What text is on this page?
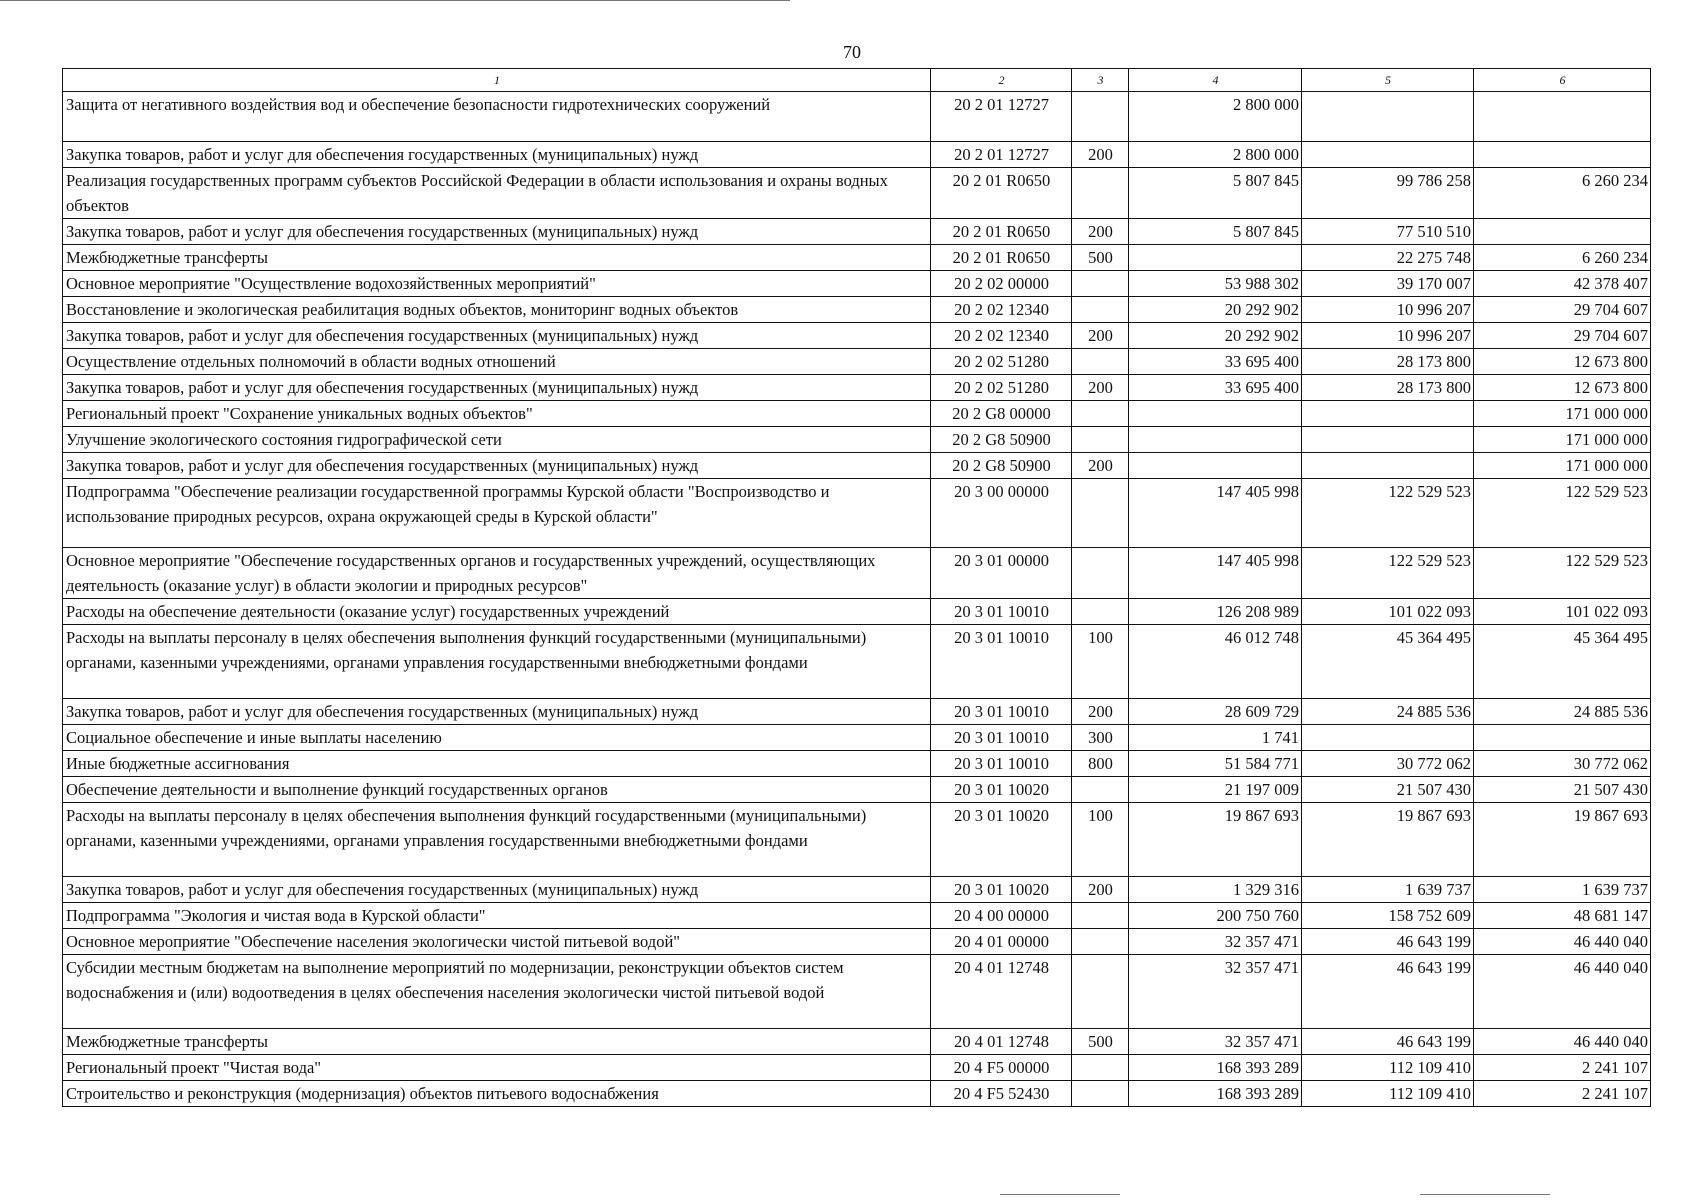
70
1	2	3	4	5	6
Защита от негативного воздействия вод и обеспечение безопасности гидротехнических сооружений	20 2 01 12727		2 800 000		
Закупка товаров, работ и услуг для обеспечения государственных (муниципальных) нужд	20 2 01 12727	200	2 800 000		
Реализация государственных программ субъектов Российской Федерации в области использования и охраны водных объектов	20 2 01 R0650		5 807 845	99 786 258	6 260 234
Закупка товаров, работ и услуг для обеспечения государственных (муниципальных) нужд	20 2 01 R0650	200	5 807 845	77 510 510	
Межбюджетные трансферты	20 2 01 R0650	500		22 275 748	6 260 234
Основное мероприятие "Осуществление водохозяйственных мероприятий"	20 2 02 00000		53 988 302	39 170 007	42 378 407
Восстановление и экологическая реабилитация водных объектов, мониторинг водных объектов	20 2 02 12340		20 292 902	10 996 207	29 704 607
Закупка товаров, работ и услуг для обеспечения государственных (муниципальных) нужд	20 2 02 12340	200	20 292 902	10 996 207	29 704 607
Осуществление отдельных полномочий в области водных отношений	20 2 02 51280		33 695 400	28 173 800	12 673 800
Закупка товаров, работ и услуг для обеспечения государственных (муниципальных) нужд	20 2 02 51280	200	33 695 400	28 173 800	12 673 800
Региональный проект "Сохранение уникальных водных объектов"	20 2 G8 00000				171 000 000
Улучшение экологического состояния гидрографической сети	20 2 G8 50900				171 000 000
Закупка товаров, работ и услуг для обеспечения государственных (муниципальных) нужд	20 2 G8 50900	200			171 000 000
Подпрограмма "Обеспечение реализации государственной программы Курской области "Воспроизводство и использование природных ресурсов, охрана окружающей среды в Курской области"	20 3 00 00000		147 405 998	122 529 523	122 529 523
Основное мероприятие "Обеспечение государственных органов и государственных учреждений, осуществляющих деятельность (оказание услуг) в области экологии и природных ресурсов"	20 3 01 00000		147 405 998	122 529 523	122 529 523
Расходы на обеспечение деятельности (оказание услуг) государственных учреждений	20 3 01 10010		126 208 989	101 022 093	101 022 093
Расходы на выплаты персоналу в целях обеспечения выполнения функций государственными (муниципальными) органами, казенными учреждениями, органами управления государственными внебюджетными фондами	20 3 01 10010	100	46 012 748	45 364 495	45 364 495
Закупка товаров, работ и услуг для обеспечения государственных (муниципальных) нужд	20 3 01 10010	200	28 609 729	24 885 536	24 885 536
Социальное обеспечение и иные выплаты населению	20 3 01 10010	300	1 741		
Иные бюджетные ассигнования	20 3 01 10010	800	51 584 771	30 772 062	30 772 062
Обеспечение деятельности и выполнение функций государственных органов	20 3 01 10020		21 197 009	21 507 430	21 507 430
Расходы на выплаты персоналу в целях обеспечения выполнения функций государственными (муниципальными) органами, казенными учреждениями, органами управления государственными внебюджетными фондами	20 3 01 10020	100	19 867 693	19 867 693	19 867 693
Закупка товаров, работ и услуг для обеспечения государственных (муниципальных) нужд	20 3 01 10020	200	1 329 316	1 639 737	1 639 737
Подпрограмма "Экология и чистая вода в Курской области"	20 4 00 00000		200 750 760	158 752 609	48 681 147
Основное мероприятие "Обеспечение населения экологически чистой питьевой водой"	20 4 01 00000		32 357 471	46 643 199	46 440 040
Субсидии местным бюджетам на выполнение мероприятий по модернизации, реконструкции объектов систем водоснабжения и (или) водоотведения в целях обеспечения населения экологически чистой питьевой водой	20 4 01 12748		32 357 471	46 643 199	46 440 040
Межбюджетные трансферты	20 4 01 12748	500	32 357 471	46 643 199	46 440 040
Региональный проект "Чистая вода"	20 4 F5 00000		168 393 289	112 109 410	2 241 107
Строительство и реконструкция (модернизация) объектов питьевого водоснабжения	20 4 F5 52430		168 393 289	112 109 410	2 241 107
